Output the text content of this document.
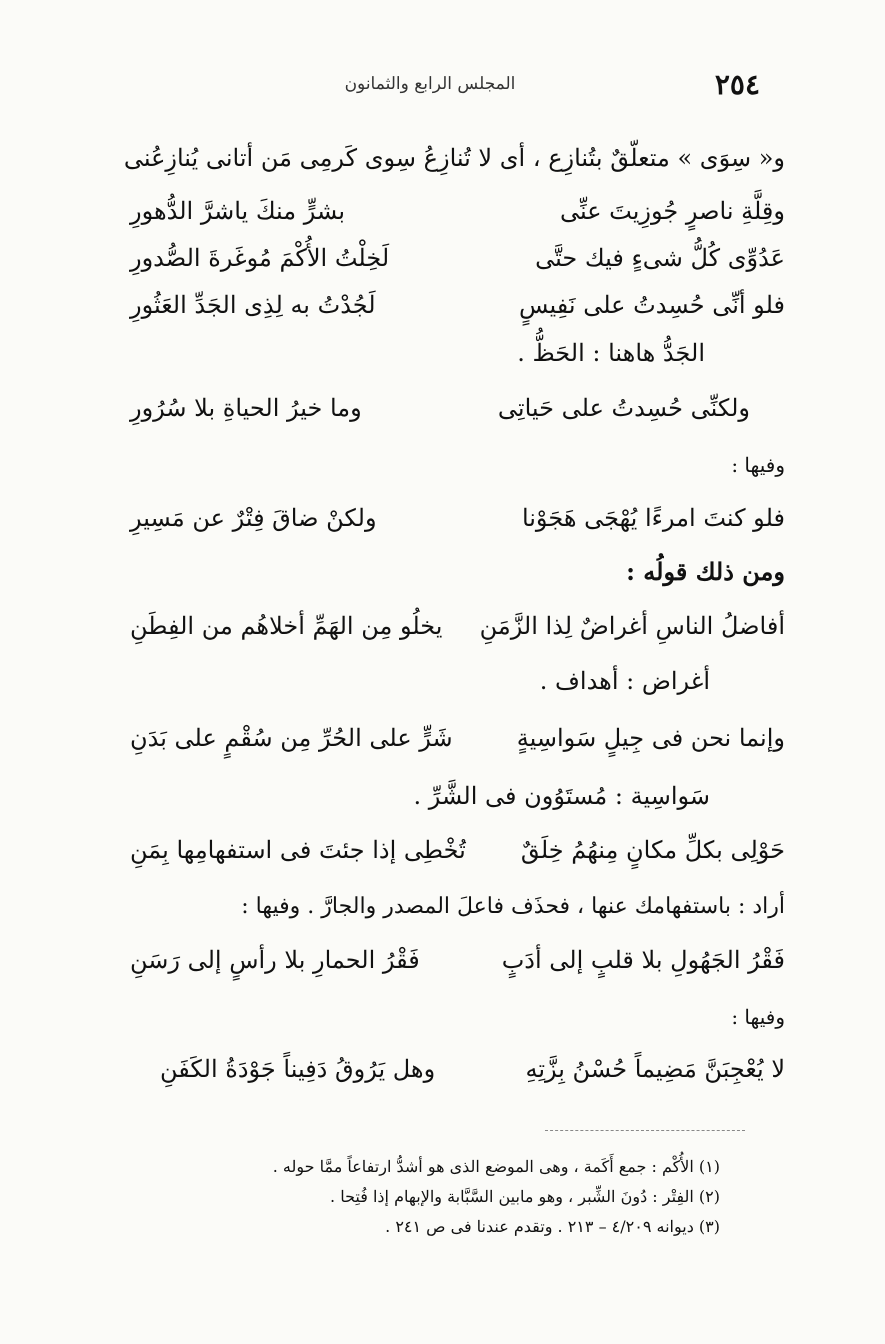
٢٥٤
المجلس الرابع والثمانون
و« سِوَى » متعلّقٌ بتُنازِع ، أى لا تُنازِعُ سِوى كَرمِى مَن أتانى يُنازِعُنى
وقِلَّةِ ناصرٍ جُوزِيتَ عنِّى
بشرٍّ منكَ ياشرَّ الدُّهورِ
عَدُوِّى كُلُّ شىءٍ فيك حتَّى
لَخِلْتُ الأُكْمَ مُوغَرةَ الصُّدورِ
فلو أنِّى حُسِدتُ على نَفِيسٍ
لَجُدْتُ به لِذِى الجَدِّ العَثُورِ
الجَدُّ هاهنا : الحَظُّ .
ولكنِّى حُسِدتُ على حَياتِى
وما خيرُ الحياةِ بلا سُرُورِ
وفيها :
فلو كنتَ امرءًا يُهْجَى هَجَوْنا
ولكنْ ضاقَ فِتْرٌ عن مَسِيرِ
ومن ذلك قولُه :
أفاضلُ الناسِ أغراضٌ لِذا الزَّمَنِ
يخلُو مِن الهَمِّ أخلاهُم من الفِطَنِ
أغراض : أهداف .
وإنما نحن فى جِيلٍ سَواسِيةٍ
شَرٍّ على الحُرِّ مِن سُقْمٍ على بَدَنِ
سَواسِية : مُستَوُون فى الشَّرِّ .
حَوْلِى بكلِّ مكانٍ مِنهُمُ خِلَقٌ
تُخْطِى إذا جئتَ فى استفهامِها بِمَنِ
أراد : باستفهامك عنها ، فحذَف فاعلَ المصدر والجارَّ . وفيها :
فَقْرُ الجَهُولِ بلا قلبٍ إلى أدَبٍ
فَقْرُ الحمارِ بلا رأسٍ إلى رَسَنِ
وفيها :
لا يُعْجِبَنَّ مَضِيماً حُسْنُ بِزَّتِهِ
وهل يَرُوقُ دَفِيناً جَوْدَةُ الكَفَنِ
(١) الأُكْم : جمع أَكَمة ، وهى الموضع الذى هو أشدُّ ارتفاعاً ممَّا حوله .
(٢) الفِتْر : دُونَ الشِّبر ، وهو مابين السَّبَّابة والإبهام إذا فُتِحا .
(٣) ديوانه ٤/٢٠٩ – ٢١٣ . وتقدم عندنا فى ص ٢٤١ .
